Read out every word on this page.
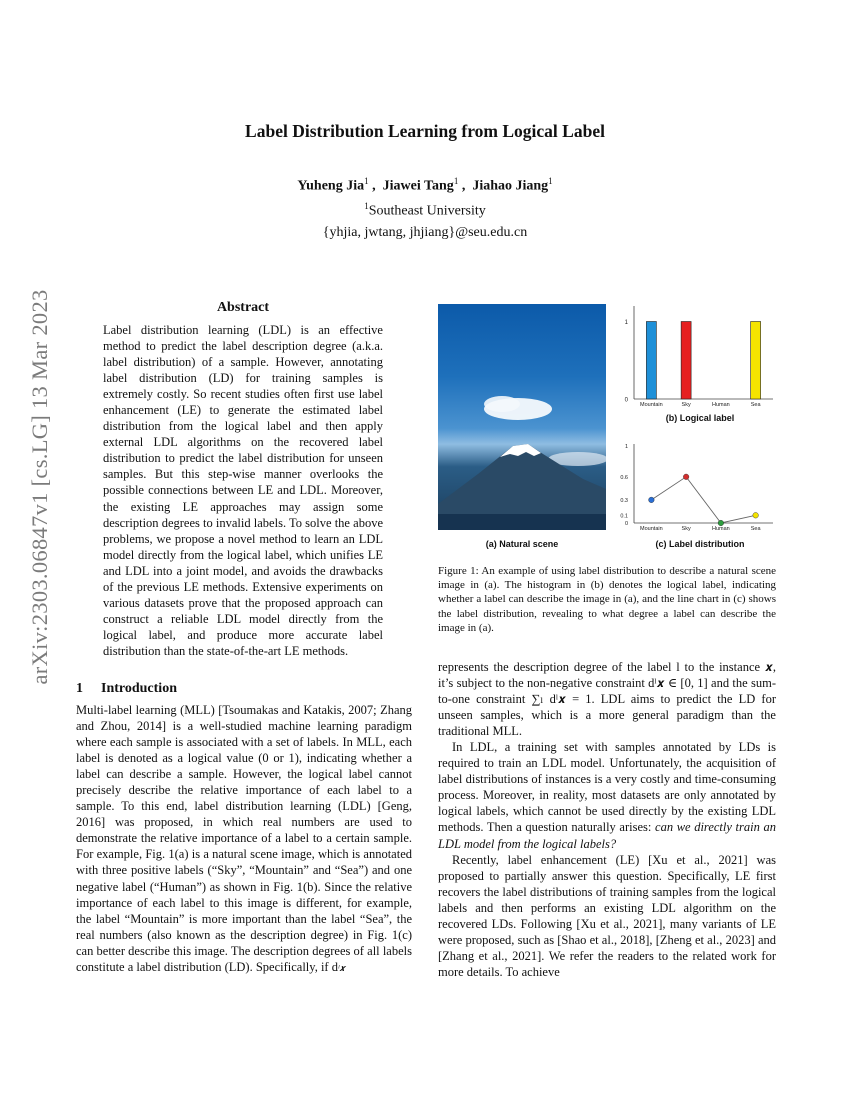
Label Distribution Learning from Logical Label
Yuheng Jia$^1$ ,  Jiawei Tang$^1$ ,  Jiahao Jiang$^1$
$^1$Southeast University
{yhjia, jwtang, jhjiang}@seu.edu.cn
arXiv:2303.06847v1 [cs.LG] 13 Mar 2023	Abstract
Label distribution learning (LDL) is an effective method to predict the label description degree (a.k.a. label distribution) of a sample. However, annotating label distribution (LD) for training samples is extremely costly. So recent studies often first use label enhancement (LE) to generate the estimated label distribution from the logical label and then apply external LDL algorithms on the recovered label distribution to predict the label distribution for unseen samples. But this step-wise manner overlooks the possible connections between LE and LDL. Moreover, the existing LE approaches may assign some description degrees to invalid labels. To solve the above problems, we propose a novel method to learn an LDL model directly from the logical label, which unifies LE and LDL into a joint model, and avoids the drawbacks of the previous LE methods. Extensive experiments on various datasets prove that the proposed approach can construct a reliable LDL model directly from the logical label, and produce more accurate label distribution than the state-of-the-art LE methods.
1 Introduction
Multi-label learning (MLL) [Tsoumakas and Katakis, 2007; Zhang and Zhou, 2014] is a well-studied machine learning paradigm where each sample is associated with a set of labels. In MLL, each label is denoted as a logical value (0 or 1), indicating whether a label can describe a sample. However, the logical label cannot precisely describe the relative importance of each label to a sample. To this end, label distribution learning (LDL) [Geng, 2016] was proposed, in which real numbers are used to demonstrate the relative importance of a label to a certain sample. For example, Fig. 1(a) is a natural scene image, which is annotated with three positive labels (“Sky”, “Mountain” and “Sea”) and one negative label (“Human”) as shown in Fig. 1(b). Since the relative importance of each label to this image is different, for example, the label “Mountain” is more important than the label “Sea”, the real numbers (also known as the description degree) in Fig. 1(c) can better describe this image. The description degrees of all labels constitute a label distribution (LD). Specifically, if dˡ𝒙

represents the description degree of the label l to the instance 𝒙, it’s subject to the non-negative constraint dˡ𝒙 ∈ [0, 1] and the sum-to-one constraint ∑ₗ dˡ𝒙 = 1. LDL aims to predict the LD for unseen samples, which is a more general paradigm than the traditional MLL.

In LDL, a training set with samples annotated by LDs is required to train an LDL model. Unfortunately, the acquisition of label distributions of instances is a very costly and time-consuming process. Moreover, in reality, most datasets are only annotated by logical labels, which cannot be used directly by the existing LDL methods. Then a question naturally arises: can we directly train an LDL model from the logical labels?

Recently, label enhancement (LE) [Xu et al., 2021] was proposed to partially answer this question. Specifically, LE first recovers the label distributions of training samples from the logical labels and then performs an existing LDL algorithm on the recovered LDs. Following [Xu et al., 2021], many variants of LE were proposed, such as [Shao et al., 2018], [Zheng et al., 2023] and [Zhang et al., 2021]. We refer the readers to the related work for more details. To achieve

(a) Natural scene
0
1
Mountain	Sky	Human	Sea
(b) Logical label
0
0.1
0.3
0.6
1
Mountain	Sky	Human	Sea
(c) Label distribution
Figure 1: An example of using label distribution to describe a natural scene image in (a). The histogram in (b) denotes the logical label, indicating whether a label can describe the image in (a), and the line chart in (c) shows the label distribution, revealing to what degree a label can describe the image in (a).
